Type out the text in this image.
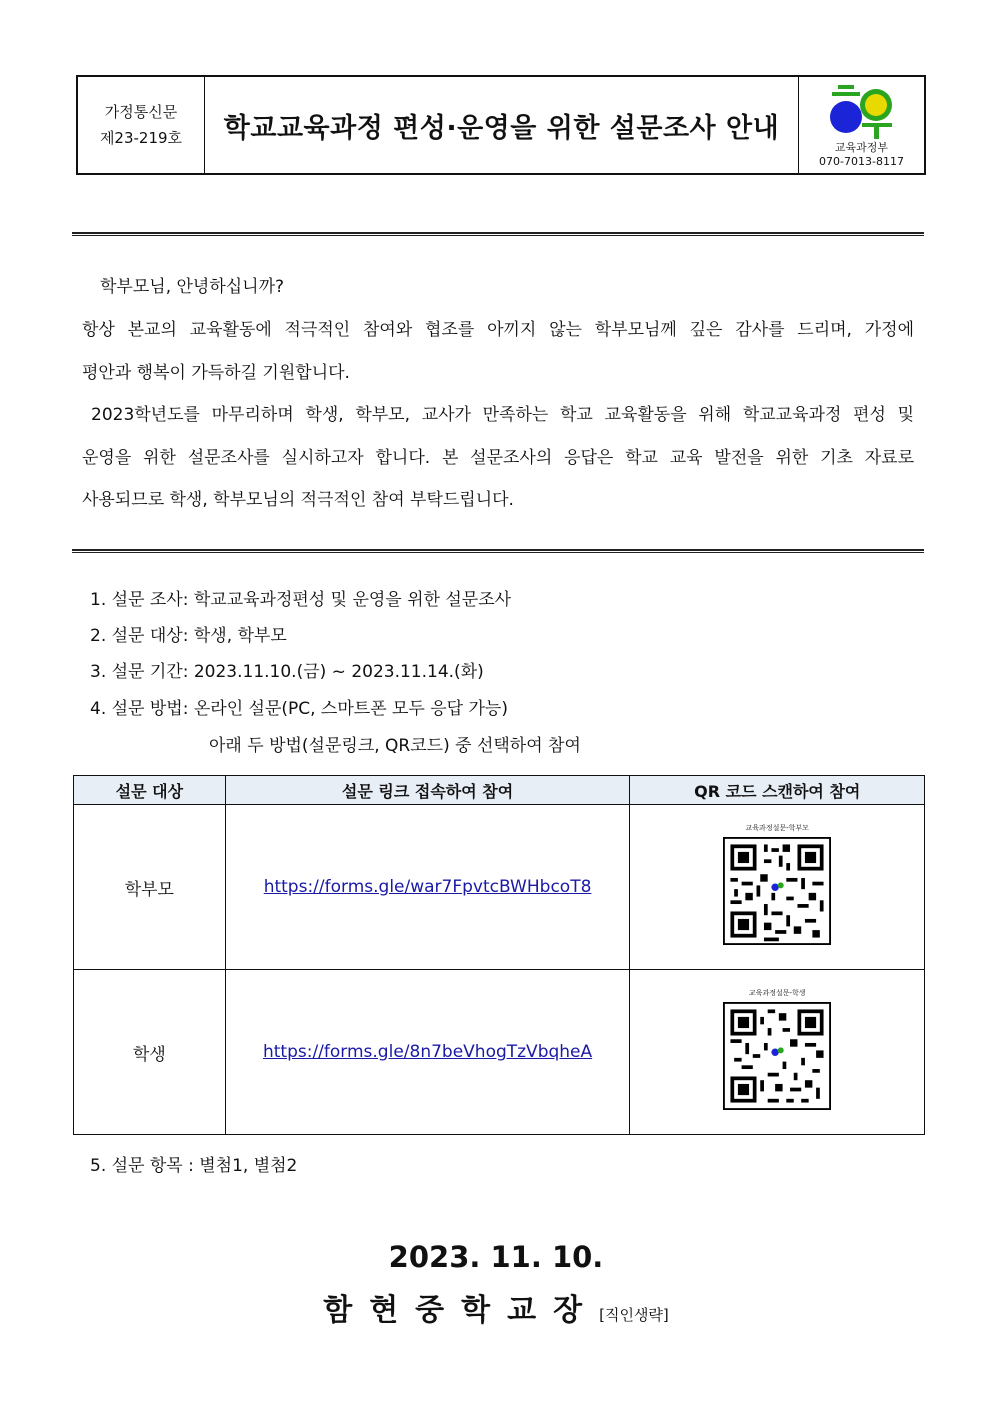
가정통신문
제23-219호	학교교육과정 편성·운영을 위한 설문조사 안내
교육과정부
070-7013-8117
학부모님, 안녕하십니까?
항상 본교의 교육활동에 적극적인 참여와 협조를 아끼지 않는 학부모님께 깊은 감사를 드리며, 가정에
평안과 행복이 가득하길 기원합니다.
2023학년도를 마무리하며 학생, 학부모, 교사가 만족하는 학교 교육활동을 위해 학교교육과정 편성 및
운영을 위한 설문조사를 실시하고자 합니다. 본 설문조사의 응답은 학교 교육 발전을 위한 기초 자료로
사용되므로 학생, 학부모님의 적극적인 참여 부탁드립니다.
1. 설문 조사: 학교교육과정편성 및 운영을 위한 설문조사
2. 설문 대상: 학생, 학부모
3. 설문 기간: 2023.11.10.(금) ~ 2023.11.14.(화)
4. 설문 방법: 온라인 설문(PC, 스마트폰 모두 응답 가능)
아래 두 방법(설문링크, QR코드) 중 선택하여 참여
설문 대상	설문 링크 접속하여 참여	QR 코드 스캔하여 참여
학부모	https://forms.gle/war7FpvtcBWHbcoT8	교육과정설문-학부모

학생	https://forms.gle/8n7beVhogTzVbqheA	교육과정설문-학생
5. 설문 항목 : 별첨1, 별첨2
2023. 11. 10.
함현중학교장[직인생략]
